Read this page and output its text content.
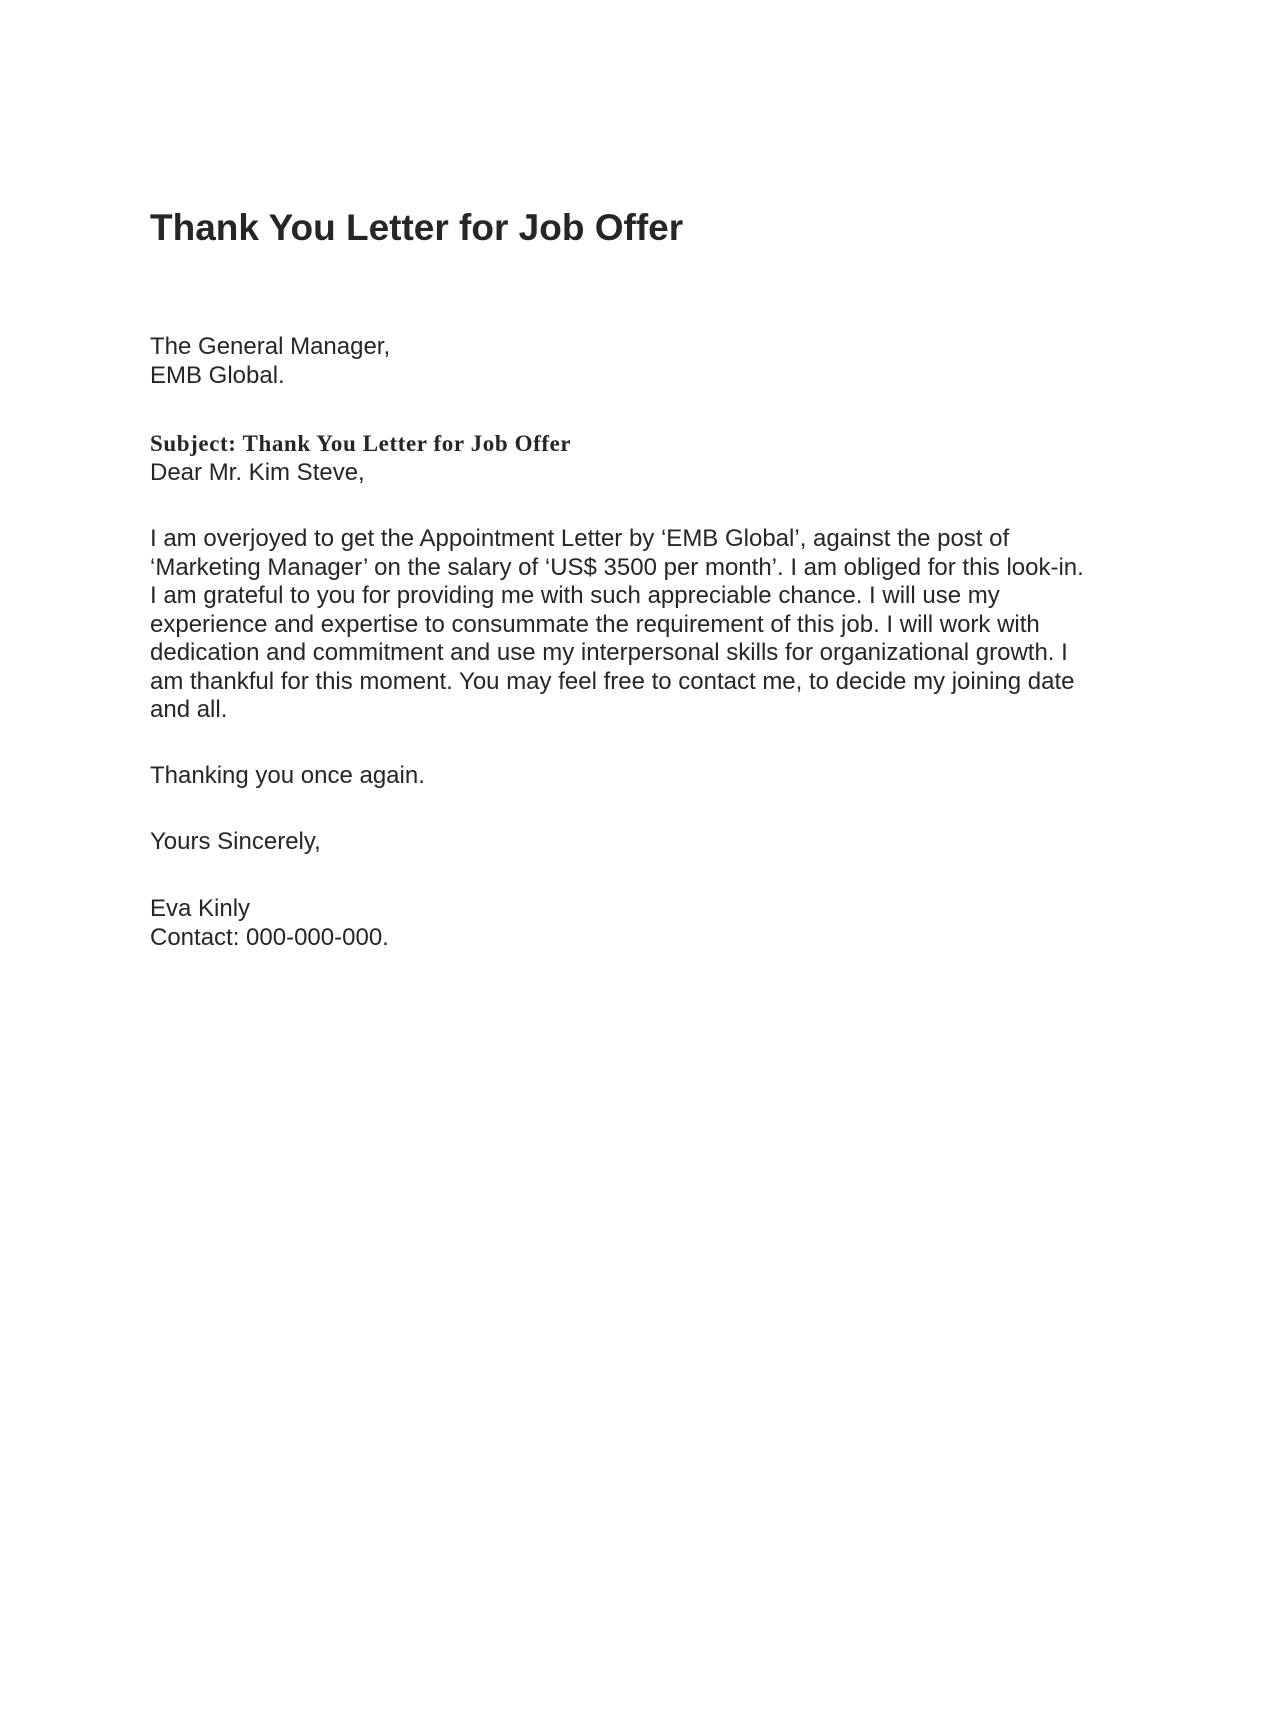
Thank You Letter for Job Offer
The General Manager,
EMB Global.
Subject: Thank You Letter for Job Offer
Dear Mr. Kim Steve,
I am overjoyed to get the Appointment Letter by ‘EMB Global’, against the post of
‘Marketing Manager’ on the salary of ‘US$ 3500 per month’. I am obliged for this look-in.
I am grateful to you for providing me with such appreciable chance. I will use my
experience and expertise to consummate the requirement of this job. I will work with
dedication and commitment and use my interpersonal skills for organizational growth. I
am thankful for this moment. You may feel free to contact me, to decide my joining date
and all.
Thanking you once again.
Yours Sincerely,
Eva Kinly
Contact: 000-000-000.
